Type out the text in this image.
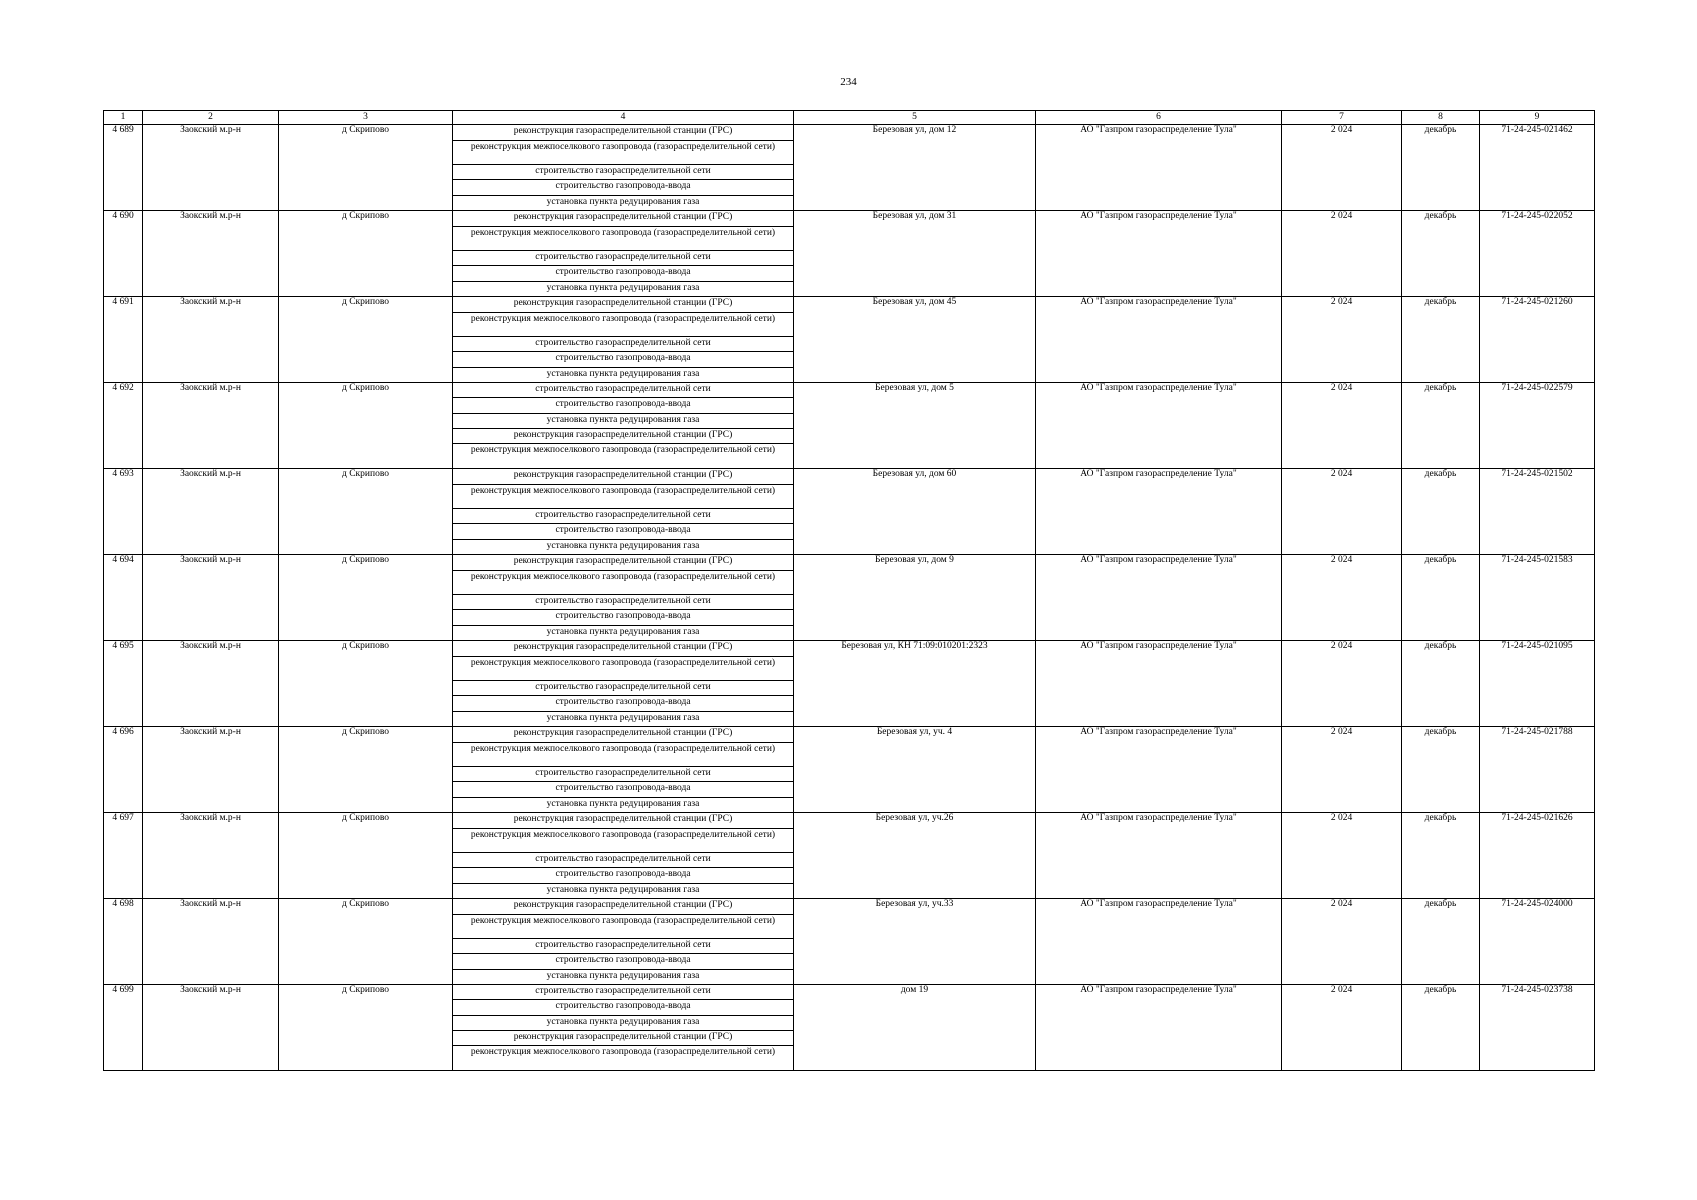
234
1	2	3	4	5	6	7	8	9
4 689	Заокский м.р-н	д Скрипово	реконструкция газораспределительной станции (ГРС)
реконструкция межпоселкового газопровода (газораспределительной сети)
строительство газораспределительной сети
строительство газопровода-ввода
установка пункта редуцирования газа	Березовая ул, дом 12	АО "Газпром газораспределение Тула"	2 024	декабрь	71-24-245-021462
4 690	Заокский м.р-н	д Скрипово	реконструкция газораспределительной станции (ГРС)
реконструкция межпоселкового газопровода (газораспределительной сети)
строительство газораспределительной сети
строительство газопровода-ввода
установка пункта редуцирования газа	Березовая ул, дом 31	АО "Газпром газораспределение Тула"	2 024	декабрь	71-24-245-022052
4 691	Заокский м.р-н	д Скрипово	реконструкция газораспределительной станции (ГРС)
реконструкция межпоселкового газопровода (газораспределительной сети)
строительство газораспределительной сети
строительство газопровода-ввода
установка пункта редуцирования газа	Березовая ул, дом 45	АО "Газпром газораспределение Тула"	2 024	декабрь	71-24-245-021260
4 692	Заокский м.р-н	д Скрипово	строительство газораспределительной сети
строительство газопровода-ввода
установка пункта редуцирования газа
реконструкция газораспределительной станции (ГРС)
реконструкция межпоселкового газопровода (газораспределительной сети)	Березовая ул, дом 5	АО "Газпром газораспределение Тула"	2 024	декабрь	71-24-245-022579
4 693	Заокский м.р-н	д Скрипово	реконструкция газораспределительной станции (ГРС)
реконструкция межпоселкового газопровода (газораспределительной сети)
строительство газораспределительной сети
строительство газопровода-ввода
установка пункта редуцирования газа	Березовая ул, дом 60	АО "Газпром газораспределение Тула"	2 024	декабрь	71-24-245-021502
4 694	Заокский м.р-н	д Скрипово	реконструкция газораспределительной станции (ГРС)
реконструкция межпоселкового газопровода (газораспределительной сети)
строительство газораспределительной сети
строительство газопровода-ввода
установка пункта редуцирования газа	Березовая ул, дом 9	АО "Газпром газораспределение Тула"	2 024	декабрь	71-24-245-021583
4 695	Заокский м.р-н	д Скрипово	реконструкция газораспределительной станции (ГРС)
реконструкция межпоселкового газопровода (газораспределительной сети)
строительство газораспределительной сети
строительство газопровода-ввода
установка пункта редуцирования газа	Березовая ул, КН 71:09:010201:2323	АО "Газпром газораспределение Тула"	2 024	декабрь	71-24-245-021095
4 696	Заокский м.р-н	д Скрипово	реконструкция газораспределительной станции (ГРС)
реконструкция межпоселкового газопровода (газораспределительной сети)
строительство газораспределительной сети
строительство газопровода-ввода
установка пункта редуцирования газа	Березовая ул, уч. 4	АО "Газпром газораспределение Тула"	2 024	декабрь	71-24-245-021788
4 697	Заокский м.р-н	д Скрипово	реконструкция газораспределительной станции (ГРС)
реконструкция межпоселкового газопровода (газораспределительной сети)
строительство газораспределительной сети
строительство газопровода-ввода
установка пункта редуцирования газа	Березовая ул, уч.26	АО "Газпром газораспределение Тула"	2 024	декабрь	71-24-245-021626
4 698	Заокский м.р-н	д Скрипово	реконструкция газораспределительной станции (ГРС)
реконструкция межпоселкового газопровода (газораспределительной сети)
строительство газораспределительной сети
строительство газопровода-ввода
установка пункта редуцирования газа	Березовая ул, уч.33	АО "Газпром газораспределение Тула"	2 024	декабрь	71-24-245-024000
4 699	Заокский м.р-н	д Скрипово	строительство газораспределительной сети
строительство газопровода-ввода
установка пункта редуцирования газа
реконструкция газораспределительной станции (ГРС)
реконструкция межпоселкового газопровода (газораспределительной сети)	дом 19	АО "Газпром газораспределение Тула"	2 024	декабрь	71-24-245-023738
